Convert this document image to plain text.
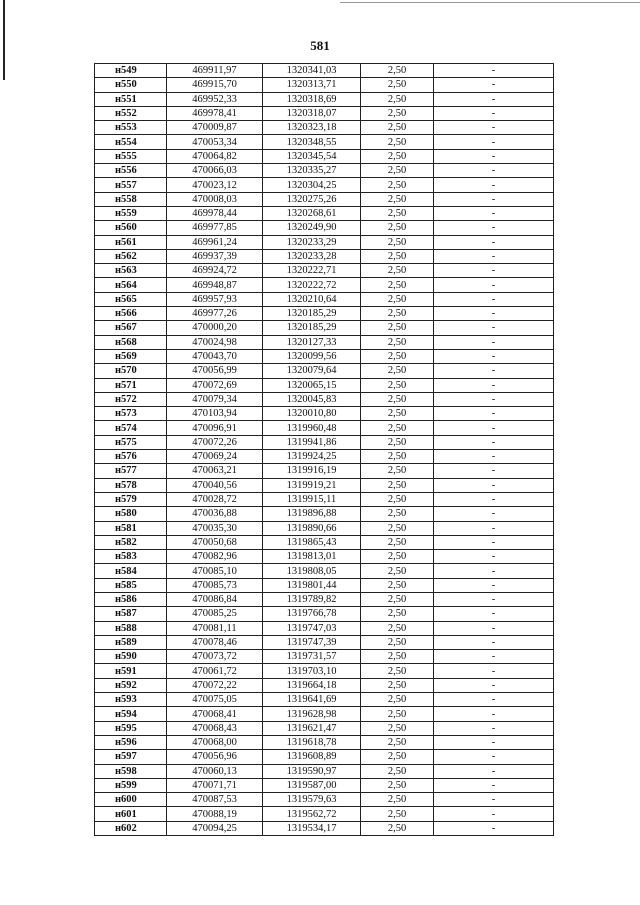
581
н549	469911,97	1320341,03	2,50	-
н550	469915,70	1320313,71	2,50	-
н551	469952,33	1320318,69	2,50	-
н552	469978,41	1320318,07	2,50	-
н553	470009,87	1320323,18	2,50	-
н554	470053,34	1320348,55	2,50	-
н555	470064,82	1320345,54	2,50	-
н556	470066,03	1320335,27	2,50	-
н557	470023,12	1320304,25	2,50	-
н558	470008,03	1320275,26	2,50	-
н559	469978,44	1320268,61	2,50	-
н560	469977,85	1320249,90	2,50	-
н561	469961,24	1320233,29	2,50	-
н562	469937,39	1320233,28	2,50	-
н563	469924,72	1320222,71	2,50	-
н564	469948,87	1320222,72	2,50	-
н565	469957,93	1320210,64	2,50	-
н566	469977,26	1320185,29	2,50	-
н567	470000,20	1320185,29	2,50	-
н568	470024,98	1320127,33	2,50	-
н569	470043,70	1320099,56	2,50	-
н570	470056,99	1320079,64	2,50	-
н571	470072,69	1320065,15	2,50	-
н572	470079,34	1320045,83	2,50	-
н573	470103,94	1320010,80	2,50	-
н574	470096,91	1319960,48	2,50	-
н575	470072,26	1319941,86	2,50	-
н576	470069,24	1319924,25	2,50	-
н577	470063,21	1319916,19	2,50	-
н578	470040,56	1319919,21	2,50	-
н579	470028,72	1319915,11	2,50	-
н580	470036,88	1319896,88	2,50	-
н581	470035,30	1319890,66	2,50	-
н582	470050,68	1319865,43	2,50	-
н583	470082,96	1319813,01	2,50	-
н584	470085,10	1319808,05	2,50	-
н585	470085,73	1319801,44	2,50	-
н586	470086,84	1319789,82	2,50	-
н587	470085,25	1319766,78	2,50	-
н588	470081,11	1319747,03	2,50	-
н589	470078,46	1319747,39	2,50	-
н590	470073,72	1319731,57	2,50	-
н591	470061,72	1319703,10	2,50	-
н592	470072,22	1319664,18	2,50	-
н593	470075,05	1319641,69	2,50	-
н594	470068,41	1319628,98	2,50	-
н595	470068,43	1319621,47	2,50	-
н596	470068,00	1319618,78	2,50	-
н597	470056,96	1319608,89	2,50	-
н598	470060,13	1319590,97	2,50	-
н599	470071,71	1319587,00	2,50	-
н600	470087,53	1319579,63	2,50	-
н601	470088,19	1319562,72	2,50	-
н602	470094,25	1319534,17	2,50	-
